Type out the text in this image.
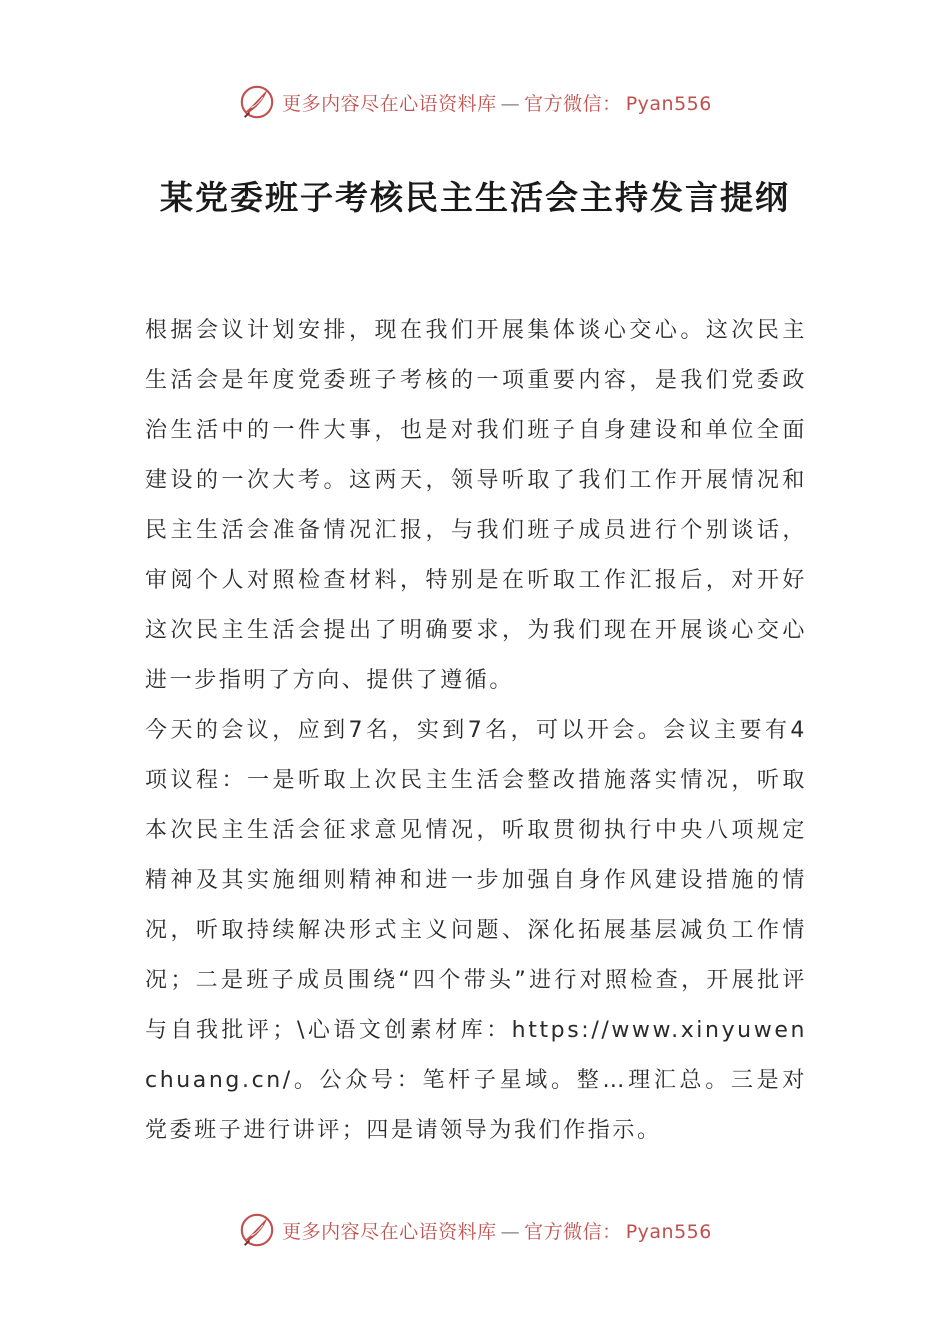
更多内容尽在心语资料库 — 官方微信： Pyan556
某党委班子考核民主生活会主持发言提纲

根据会议计划安排，现在我们开展集体谈心交心。这次民主生活会是年度党委班子考核的一项重要内容，是我们党委政治生活中的一件大事，也是对我们班子自身建设和单位全面建设的一次大考。这两天，领导听取了我们工作开展情况和民主生活会准备情况汇报，与我们班子成员进行个别谈话，审阅个人对照检查材料，特别是在听取工作汇报后，对开好这次民主生活会提出了明确要求，为我们现在开展谈心交心进一步指明了方向、提供了遵循。

今天的会议，应到7名，实到7名，可以开会。会议主要有4项议程：一是听取上次民主生活会整改措施落实情况，听取本次民主生活会征求意见情况，听取贯彻执行中央八项规定精神及其实施细则精神和进一步加强自身作风建设措施的情况，听取持续解决形式主义问题、深化拓展基层减负工作情况；二是班子成员围绕“四个带头”进行对照检查，开展批评与自我批评；\心语文创素材库：https://www.xinyuwenchuang.cn/。公众号：笔杆子星域。整…理汇总。三是对党委班子进行讲评；四是请领导为我们作指示。

更多内容尽在心语资料库 — 官方微信： Pyan556
